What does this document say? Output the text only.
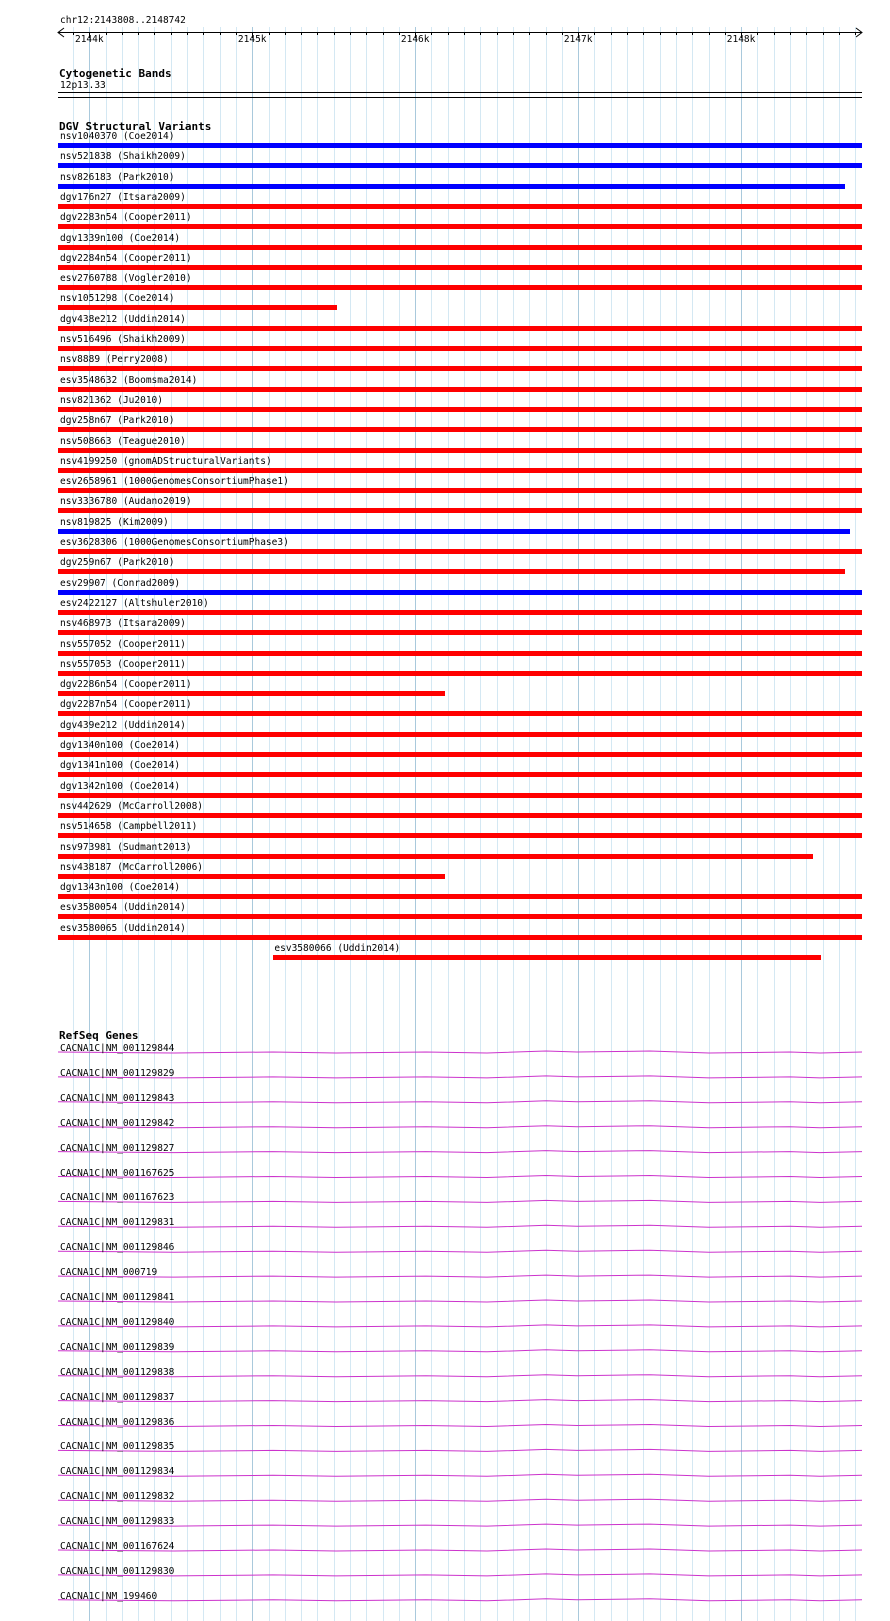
chr12:2143808..2148742
2144k	2145k	2146k	2147k	2148k
Cytogenetic Bands
12p13.33
DGV Structural Variants
nsv1040370 (Coe2014)
nsv521838 (Shaikh2009)
nsv826183 (Park2010)
dgv176n27 (Itsara2009)
dgv2283n54 (Cooper2011)
dgv1339n100 (Coe2014)
dgv2284n54 (Cooper2011)
esv2760788 (Vogler2010)
nsv1051298 (Coe2014)
dgv438e212 (Uddin2014)
nsv516496 (Shaikh2009)
nsv8889 (Perry2008)
esv3548632 (Boomsma2014)
nsv821362 (Ju2010)
dgv258n67 (Park2010)
nsv508663 (Teague2010)
nsv4199250 (gnomADStructuralVariants)
esv2658961 (1000GenomesConsortiumPhase1)
nsv3336780 (Audano2019)
nsv819825 (Kim2009)
esv3628306 (1000GenomesConsortiumPhase3)
dgv259n67 (Park2010)
esv29907 (Conrad2009)
esv2422127 (Altshuler2010)
nsv468973 (Itsara2009)
nsv557052 (Cooper2011)
nsv557053 (Cooper2011)
dgv2286n54 (Cooper2011)
dgv2287n54 (Cooper2011)
dgv439e212 (Uddin2014)
dgv1340n100 (Coe2014)
dgv1341n100 (Coe2014)
dgv1342n100 (Coe2014)
nsv442629 (McCarroll2008)
nsv514658 (Campbell2011)
nsv973981 (Sudmant2013)
nsv438187 (McCarroll2006)
dgv1343n100 (Coe2014)
esv3580054 (Uddin2014)
esv3580065 (Uddin2014)
esv3580066 (Uddin2014)
RefSeq Genes
CACNA1C|NM_001129844
CACNA1C|NM_001129829
CACNA1C|NM_001129843
CACNA1C|NM_001129842
CACNA1C|NM_001129827
CACNA1C|NM_001167625
CACNA1C|NM_001167623
CACNA1C|NM_001129831
CACNA1C|NM_001129846
CACNA1C|NM_000719
CACNA1C|NM_001129841
CACNA1C|NM_001129840
CACNA1C|NM_001129839
CACNA1C|NM_001129838
CACNA1C|NM_001129837
CACNA1C|NM_001129836
CACNA1C|NM_001129835
CACNA1C|NM_001129834
CACNA1C|NM_001129832
CACNA1C|NM_001129833
CACNA1C|NM_001167624
CACNA1C|NM_001129830
CACNA1C|NM_199460
